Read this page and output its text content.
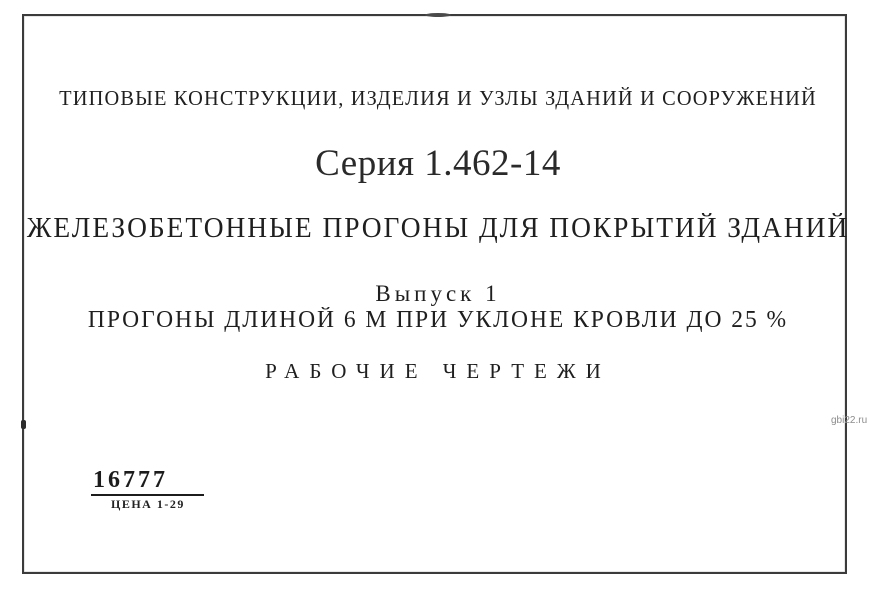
ТИПОВЫЕ КОНСТРУКЦИИ, ИЗДЕЛИЯ И УЗЛЫ ЗДАНИЙ И СООРУЖЕНИЙ
Серия 1.462-14
ЖЕЛЕЗОБЕТОННЫЕ ПРОГОНЫ ДЛЯ ПОКРЫТИЙ ЗДАНИЙ
Выпуск 1
ПРОГОНЫ ДЛИНОЙ 6 М ПРИ УКЛОНЕ КРОВЛИ ДО 25 %
РАБОЧИЕ ЧЕРТЕЖИ
16777
ЦЕНА 1-29
gbi22.ru
